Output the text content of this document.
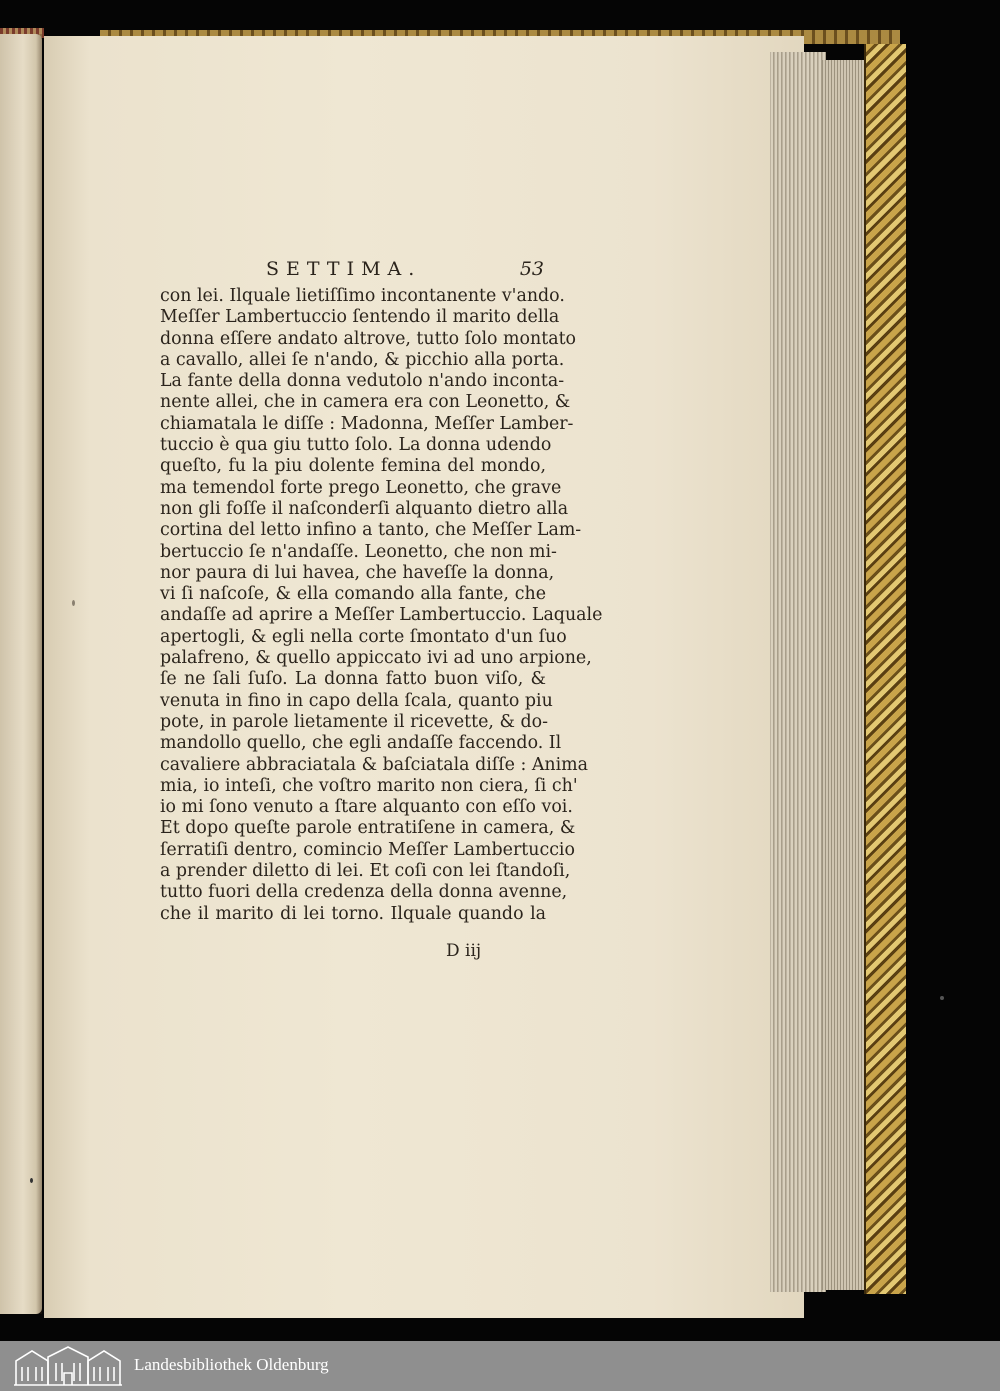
SETTIMA.	53
con lei. Ilquale lietiſſimo incontanente v'ando.
Meſſer Lambertuccio ſentendo il marito della
donna eſſere andato altrove, tutto ſolo montato
a cavallo, allei ſe n'ando, & picchio alla porta.
La fante della donna vedutolo n'ando inconta-
nente allei, che in camera era con Leonetto, &
chiamatala le diſſe : Madonna, Meſſer Lamber-
tuccio è qua giu tutto ſolo. La donna udendo
queſto, fu la piu dolente femina del mondo,
ma temendol forte prego Leonetto, che grave
non gli foſſe il naſconderſi alquanto dietro alla
cortina del letto infino a tanto, che Meſſer Lam-
bertuccio ſe n'andaſſe. Leonetto, che non mi-
nor paura di lui havea, che haveſſe la donna,
vi ſi naſcoſe, & ella comando alla fante, che
andaſſe ad aprire a Meſſer Lambertuccio. Laquale
apertogli, & egli nella corte ſmontato d'un ſuo
palafreno, & quello appiccato ivi ad uno arpione,
ſe ne ſali ſuſo. La donna fatto buon viſo, &
venuta in fino in capo della ſcala, quanto piu
pote, in parole lietamente il ricevette, & do-
mandollo quello, che egli andaſſe faccendo. Il
cavaliere abbraciatala & baſciatala diſſe : Anima
mia, io inteſi, che voſtro marito non ciera, ſi ch'
io mi ſono venuto a ſtare alquanto con eſſo voi.
Et dopo queſte parole entratiſene in camera, &
ſerratiſi dentro, comincio Meſſer Lambertuccio
a prender diletto di lei. Et coſi con lei ſtandoſi,
tutto fuori della credenza della donna avenne,
che il marito di lei torno. Ilquale quando la
D iij
Landesbibliothek Oldenburg
